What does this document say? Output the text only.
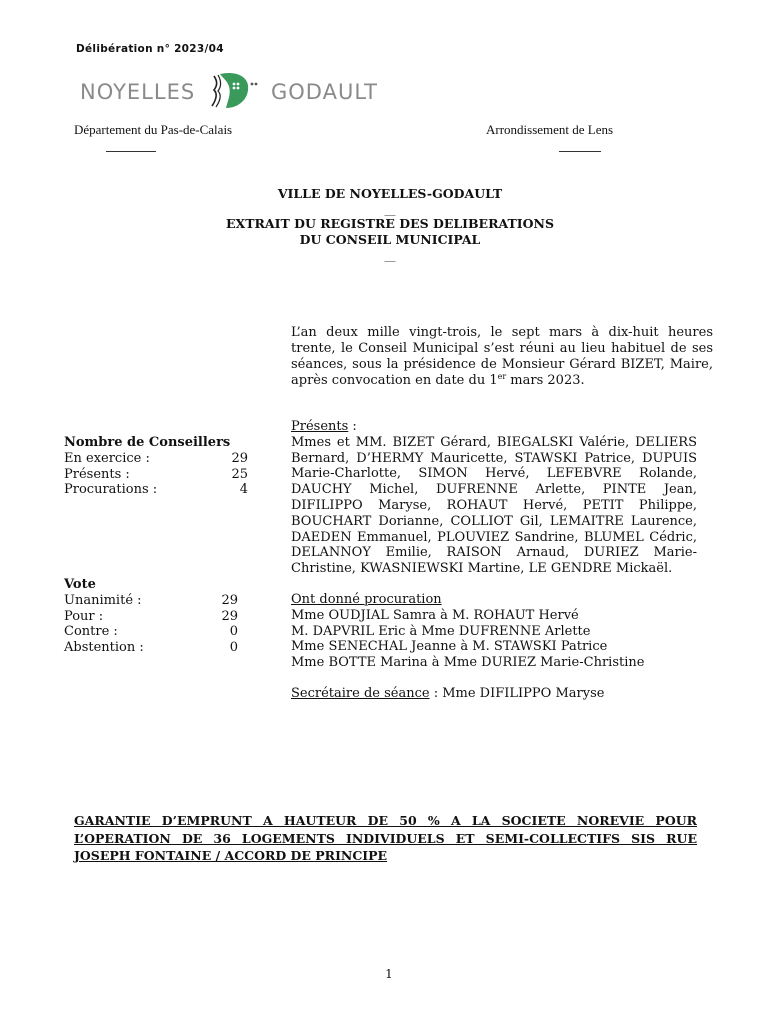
Délibération n° 2023/04
NOYELLES	GODAULT
Département du Pas-de-Calais	Arrondissement de Lens
VILLE DE NOYELLES-GODAULT
__
EXTRAIT DU REGISTRE DES DELIBERATIONS
DU CONSEIL MUNICIPAL
__
L’an deux mille vingt-trois, le sept mars à dix-huit heures trente, le Conseil Municipal s’est réuni au lieu habituel de ses séances, sous la présidence de Monsieur Gérard BIZET, Maire, après convocation en date du 1er mars 2023.

Présents :

Mmes et MM. BIZET Gérard, BIEGALSKI Valérie, DELIERS Bernard, D’HERMY Mauricette, STAWSKI Patrice, DUPUIS Marie-Charlotte, SIMON Hervé, LEFEBVRE Rolande, DAUCHY Michel, DUFRENNE Arlette, PINTE Jean, DIFILIPPO Maryse, ROHAUT Hervé, PETIT Philippe, BOUCHART Dorianne, COLLIOT Gil, LEMAITRE Laurence, DAEDEN Emmanuel, PLOUVIEZ Sandrine, BLUMEL Cédric, DELANNOY Emilie, RAISON Arnaud, DURIEZ Marie-Christine, KWASNIEWSKI Martine, LE GENDRE Mickaël.

Ont donné procuration

Mme OUDJIAL Samra à M. ROHAUT Hervé

M. DAPVRIL Eric à Mme DUFRENNE Arlette

Mme SENECHAL Jeanne à M. STAWSKI Patrice

Mme BOTTE Marina à Mme DURIEZ Marie-Christine

Secrétaire de séance : Mme DIFILIPPO Maryse

Nombre de Conseillers
En exercice :	29
Présents :	25
Procurations :	4
Vote
Unanimité :	29
Pour :	29
Contre :	0
Abstention :	0
GARANTIE D’EMPRUNT A HAUTEUR DE 50 % A LA SOCIETE NOREVIE POUR L’OPERATION DE 36 LOGEMENTS INDIVIDUELS ET SEMI-COLLECTIFS SIS RUE JOSEPH FONTAINE / ACCORD DE PRINCIPE
1
